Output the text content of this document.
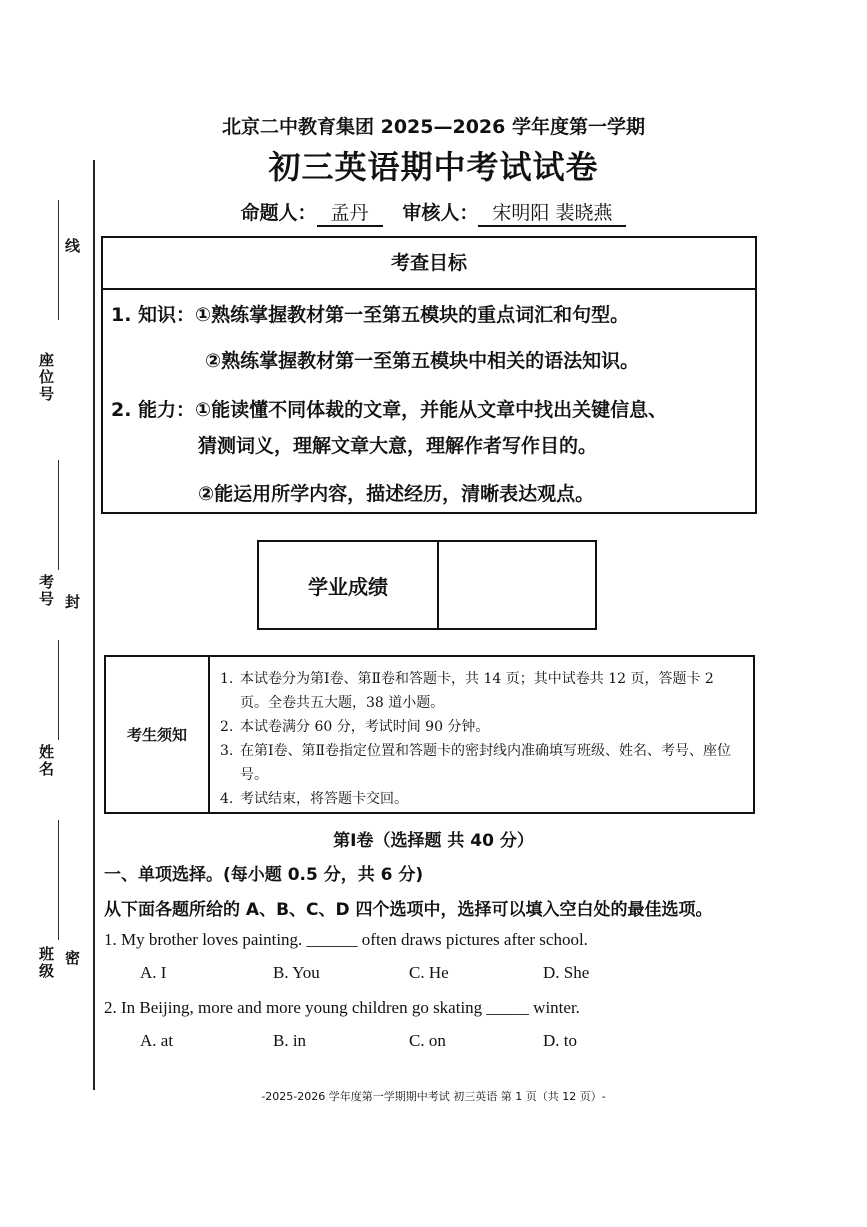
线
座位号
考号 封
姓名
班级 密
北京二中教育集团 2025—2026 学年度第一学期
初三英语期中考试试卷
命题人： 孟丹 审核人： 宋明阳 裴晓燕
考查目标
1. 知识：①熟练掌握教材第一至第五模块的重点词汇和句型。
②熟练掌握教材第一至第五模块中相关的语法知识。
2. 能力：①能读懂不同体裁的文章，并能从文章中找出关键信息、
猜测词义，理解文章大意，理解作者写作目的。
②能运用所学内容，描述经历，清晰表达观点。
学业成绩
考生须知
1. 本试卷分为第Ⅰ卷、第Ⅱ卷和答题卡，共 14 页；其中试卷共 12 页，答题卡 2 页。全卷共五大题，38 道小题。
2. 本试卷满分 60 分，考试时间 90 分钟。
3. 在第Ⅰ卷、第Ⅱ卷指定位置和答题卡的密封线内准确填写班级、姓名、考号、座位号。
4. 考试结束，将答题卡交回。
第Ⅰ卷（选择题 共 40 分）
一、单项选择。(每小题 0.5 分，共 6 分)
从下面各题所给的 A、B、C、D 四个选项中，选择可以填入空白处的最佳选项。
1. My brother loves painting. ______ often draws pictures after school.
A. I	B. You	C. He	D. She
2. In Beijing, more and more young children go skating _____ winter.
A. at	B. in	C. on	D. to
-2025-2026 学年度第一学期期中考试 初三英语 第 1 页（共 12 页）-
